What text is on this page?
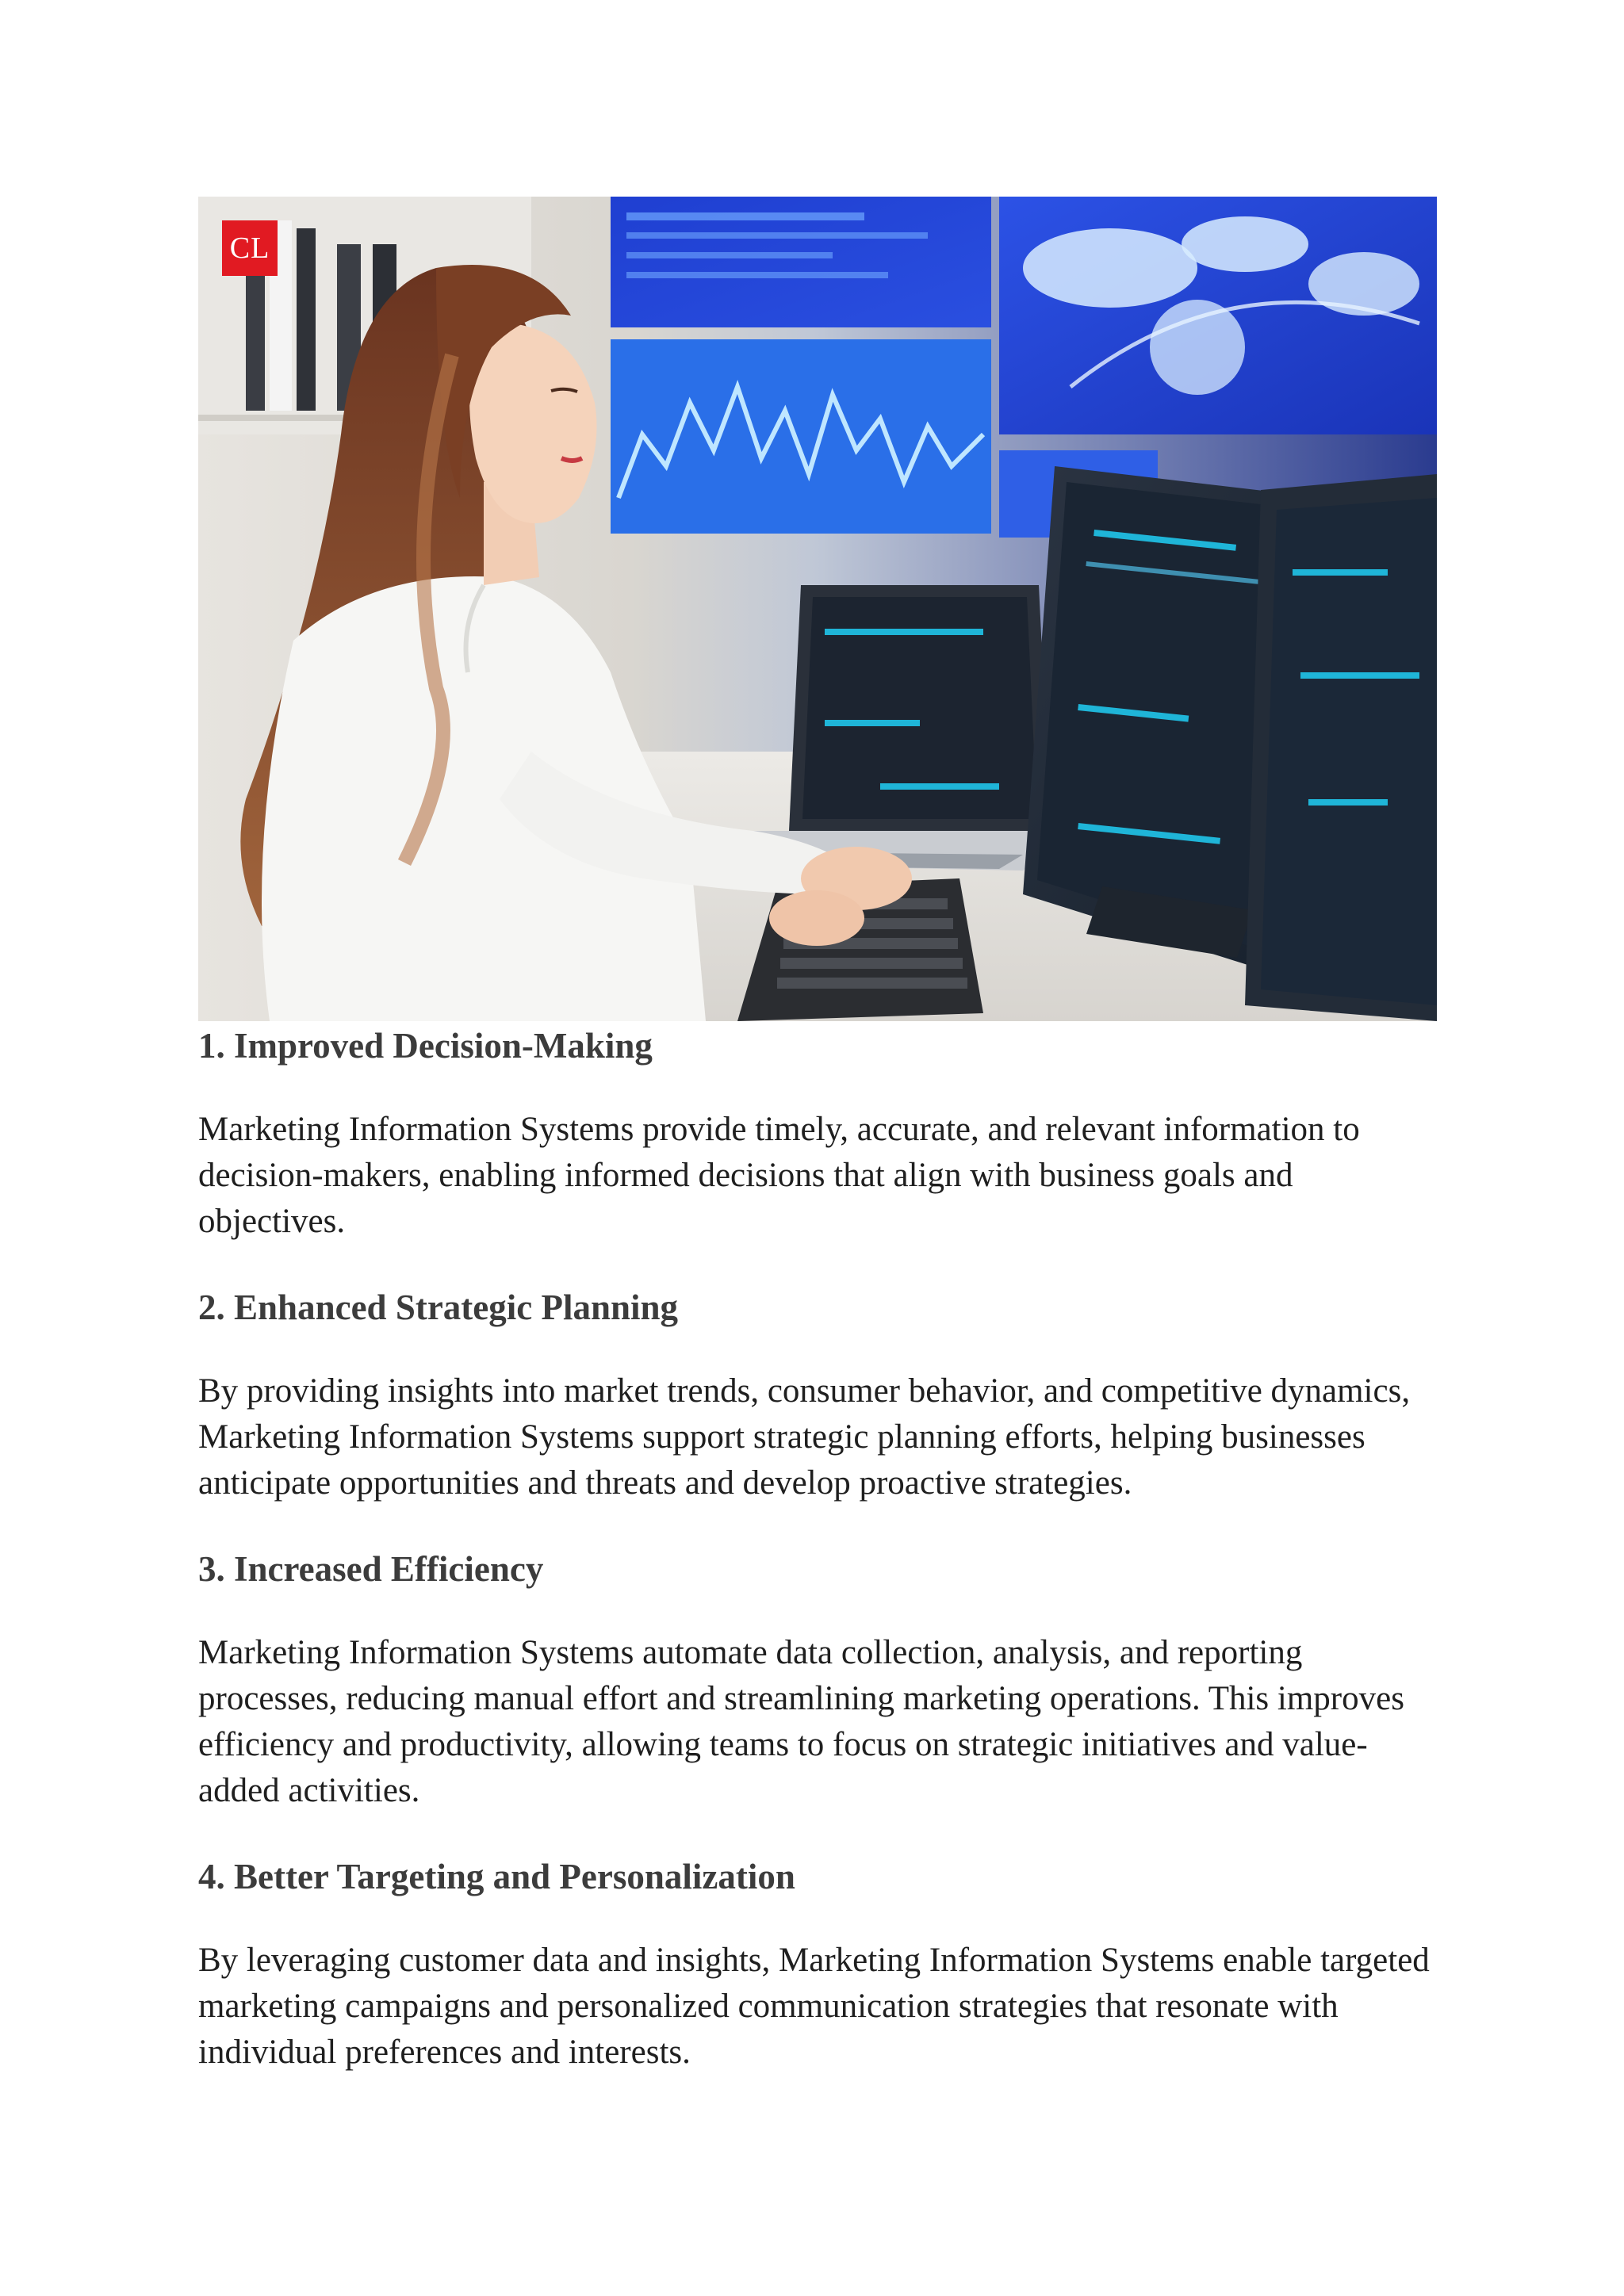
CL
1. Improved Decision-Making

Marketing Information Systems provide timely, accurate, and relevant information to decision-makers, enabling informed decisions that align with business goals and objectives.

2. Enhanced Strategic Planning

By providing insights into market trends, consumer behavior, and competitive dynamics, Marketing Information Systems support strategic planning efforts, helping businesses anticipate opportunities and threats and develop proactive strategies.

3. Increased Efficiency

Marketing Information Systems automate data collection, analysis, and reporting processes, reducing manual effort and streamlining marketing operations. This improves efficiency and productivity, allowing teams to focus on strategic initiatives and value-added activities.

4. Better Targeting and Personalization

By leveraging customer data and insights, Marketing Information Systems enable targeted marketing campaigns and personalized communication strategies that resonate with individual preferences and interests.
